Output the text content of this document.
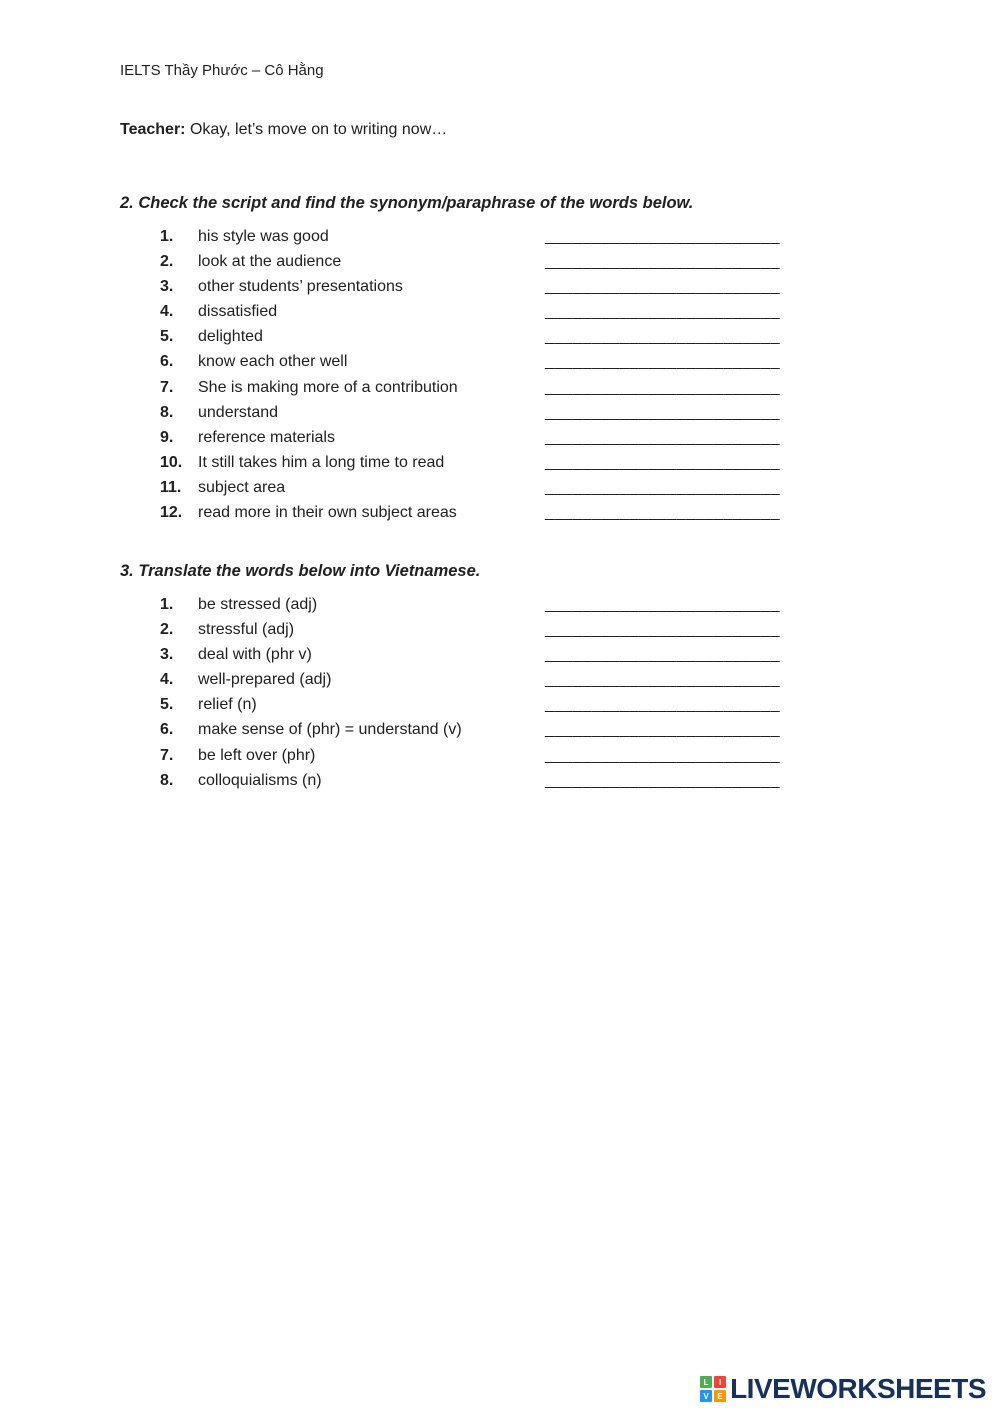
IELTS Thầy Phước – Cô Hằng
Teacher: Okay, let’s move on to writing now…
2. Check the script and find the synonym/paraphrase of the words below.
1.	his style was good	_________________________
2.	look at the audience	_________________________
3.	other students’ presentations	_________________________
4.	dissatisfied	_________________________
5.	delighted	_________________________
6.	know each other well	_________________________
7.	She is making more of a contribution	_________________________
8.	understand	_________________________
9.	reference materials	_________________________
10. It still takes him a long time to read	_________________________
11.	subject area	_________________________
12. read more in their own subject areas	_________________________
3. Translate the words below into Vietnamese.
1.	be stressed (adj)	_________________________
2.	stressful (adj)	_________________________
3.	deal with (phr v)	_________________________
4.	well-prepared (adj)	_________________________
5.	relief (n)	_________________________
6.	make sense of (phr) = understand (v)	_________________________
7.	be left over (phr)	_________________________
8.	colloquialisms (n)	_________________________
L	I
V	E LIVEWORKSHEETS
